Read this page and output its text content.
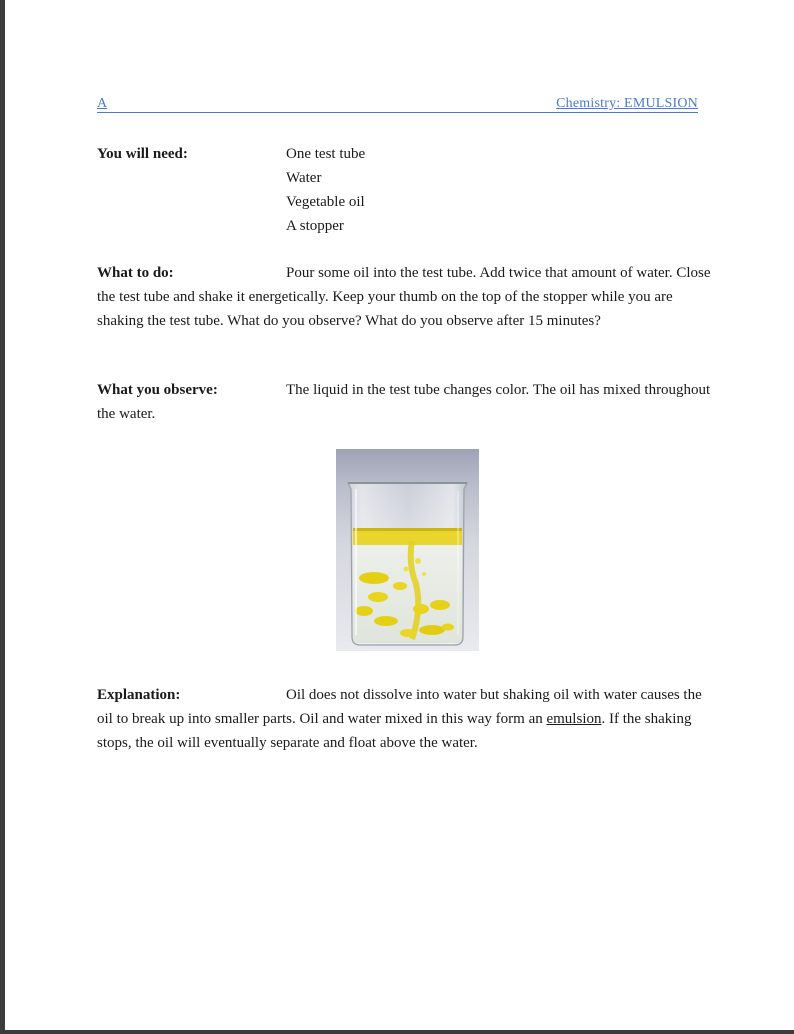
A	Chemistry: EMULSION
You will need:	One test tube
Water
Vegetable oil
A stopper
What to do:	Pour some oil into the test tube. Add twice that amount of water. Close the test tube and shake it energetically. Keep your thumb on the top of the stopper while you are shaking the test tube. What do you observe? What do you observe after 15 minutes?
What you observe:	The liquid in the test tube changes color. The oil has mixed throughout the water.
Explanation:	Oil does not dissolve into water but shaking oil with water causes the oil to break up into smaller parts. Oil and water mixed in this way form an emulsion. If the shaking stops, the oil will eventually separate and float above the water.
